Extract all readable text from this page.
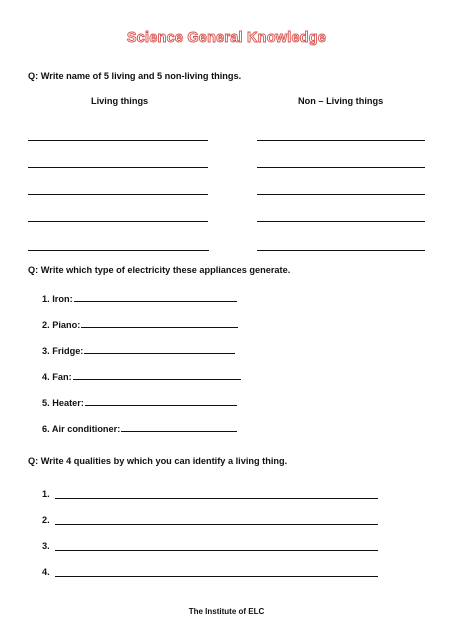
Science General Knowledge
Q: Write name of 5 living and 5 non-living things.
Living things	Non – Living things
Q: Write which type of electricity these appliances generate.
1. Iron:
2. Piano:
3. Fridge:
4. Fan:
5. Heater:
6. Air conditioner:
Q: Write 4 qualities by which you can identify a living thing.
1.
2.
3.
4.
The Institute of ELC
